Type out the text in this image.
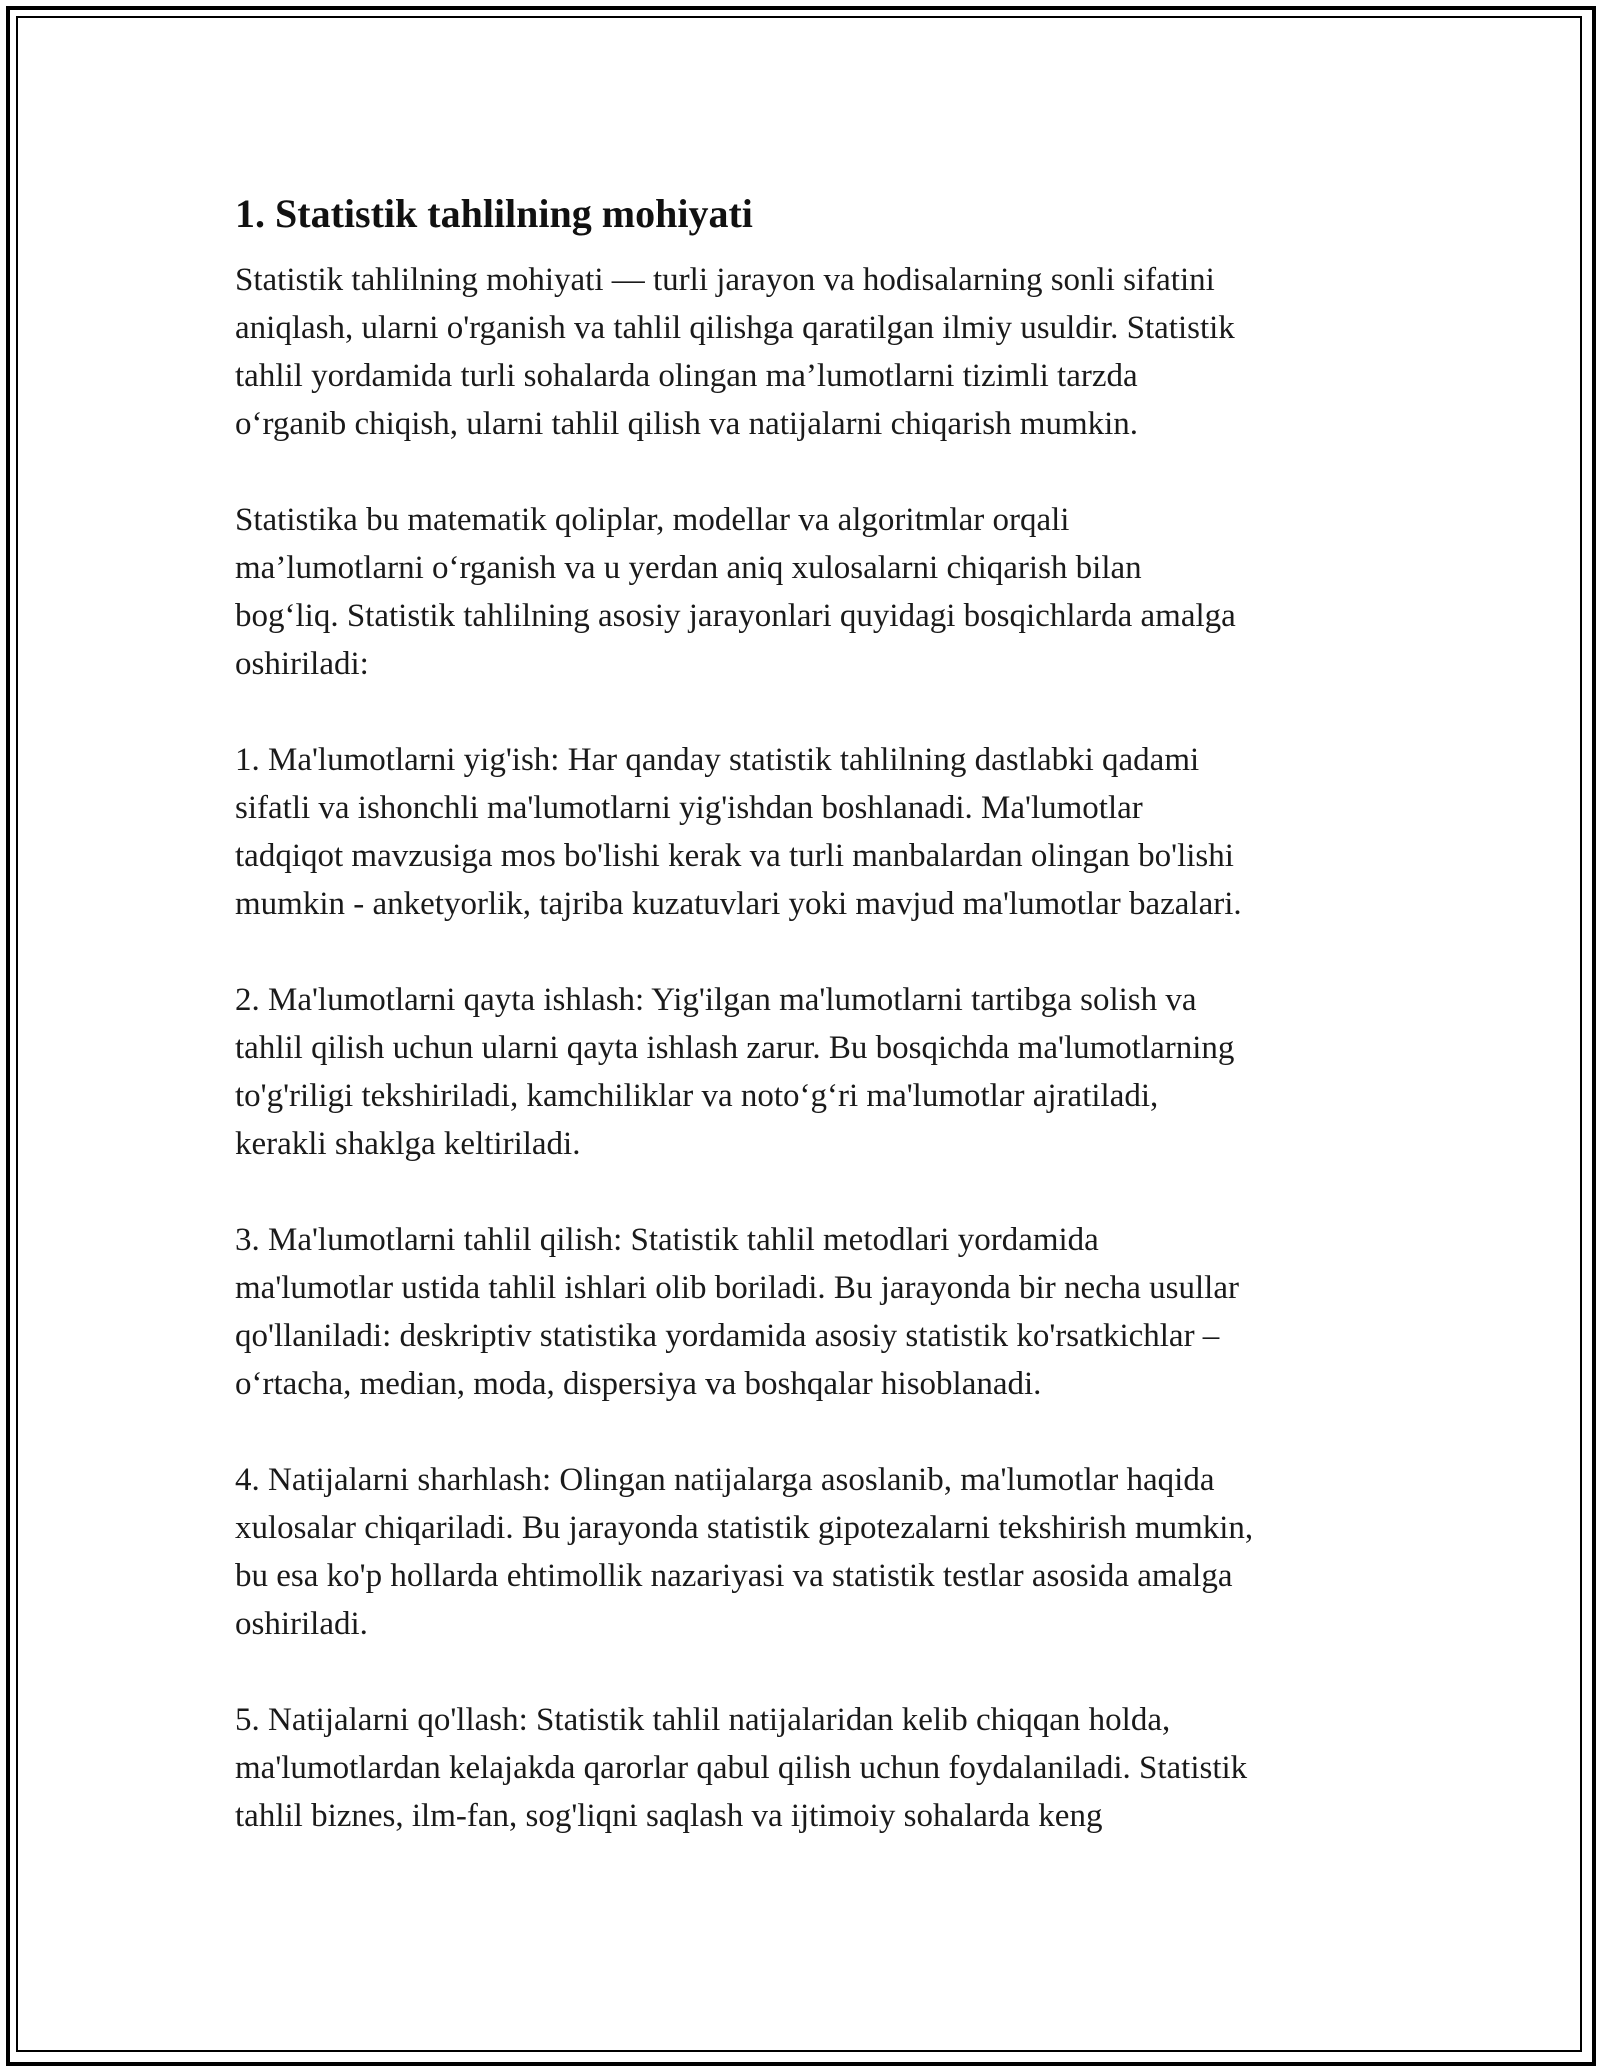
1. Statistik tahlilning mohiyati

Statistik tahlilning mohiyati — turli jarayon va hodisalarning sonli sifatini
aniqlash, ularni o'rganish va tahlil qilishga qaratilgan ilmiy usuldir. Statistik
tahlil yordamida turli sohalarda olingan ma’lumotlarni tizimli tarzda
o‘rganib chiqish, ularni tahlil qilish va natijalarni chiqarish mumkin.

Statistika bu matematik qoliplar, modellar va algoritmlar orqali
ma’lumotlarni o‘rganish va u yerdan aniq xulosalarni chiqarish bilan
bog‘liq. Statistik tahlilning asosiy jarayonlari quyidagi bosqichlarda amalga
oshiriladi:

1. Ma'lumotlarni yig'ish: Har qanday statistik tahlilning dastlabki qadami
sifatli va ishonchli ma'lumotlarni yig'ishdan boshlanadi. Ma'lumotlar
tadqiqot mavzusiga mos bo'lishi kerak va turli manbalardan olingan bo'lishi
mumkin - anketyorlik, tajriba kuzatuvlari yoki mavjud ma'lumotlar bazalari.

2. Ma'lumotlarni qayta ishlash: Yig'ilgan ma'lumotlarni tartibga solish va
tahlil qilish uchun ularni qayta ishlash zarur. Bu bosqichda ma'lumotlarning
to'g'riligi tekshiriladi, kamchiliklar va noto‘g‘ri ma'lumotlar ajratiladi,
kerakli shaklga keltiriladi.

3. Ma'lumotlarni tahlil qilish: Statistik tahlil metodlari yordamida
ma'lumotlar ustida tahlil ishlari olib boriladi. Bu jarayonda bir necha usullar
qo'llaniladi: deskriptiv statistika yordamida asosiy statistik ko'rsatkichlar –
o‘rtacha, median, moda, dispersiya va boshqalar hisoblanadi.

4. Natijalarni sharhlash: Olingan natijalarga asoslanib, ma'lumotlar haqida
xulosalar chiqariladi. Bu jarayonda statistik gipotezalarni tekshirish mumkin,
bu esa ko'p hollarda ehtimollik nazariyasi va statistik testlar asosida amalga
oshiriladi.

5. Natijalarni qo'llash: Statistik tahlil natijalaridan kelib chiqqan holda,
ma'lumotlardan kelajakda qarorlar qabul qilish uchun foydalaniladi. Statistik
tahlil biznes, ilm-fan, sog'liqni saqlash va ijtimoiy sohalarda keng
